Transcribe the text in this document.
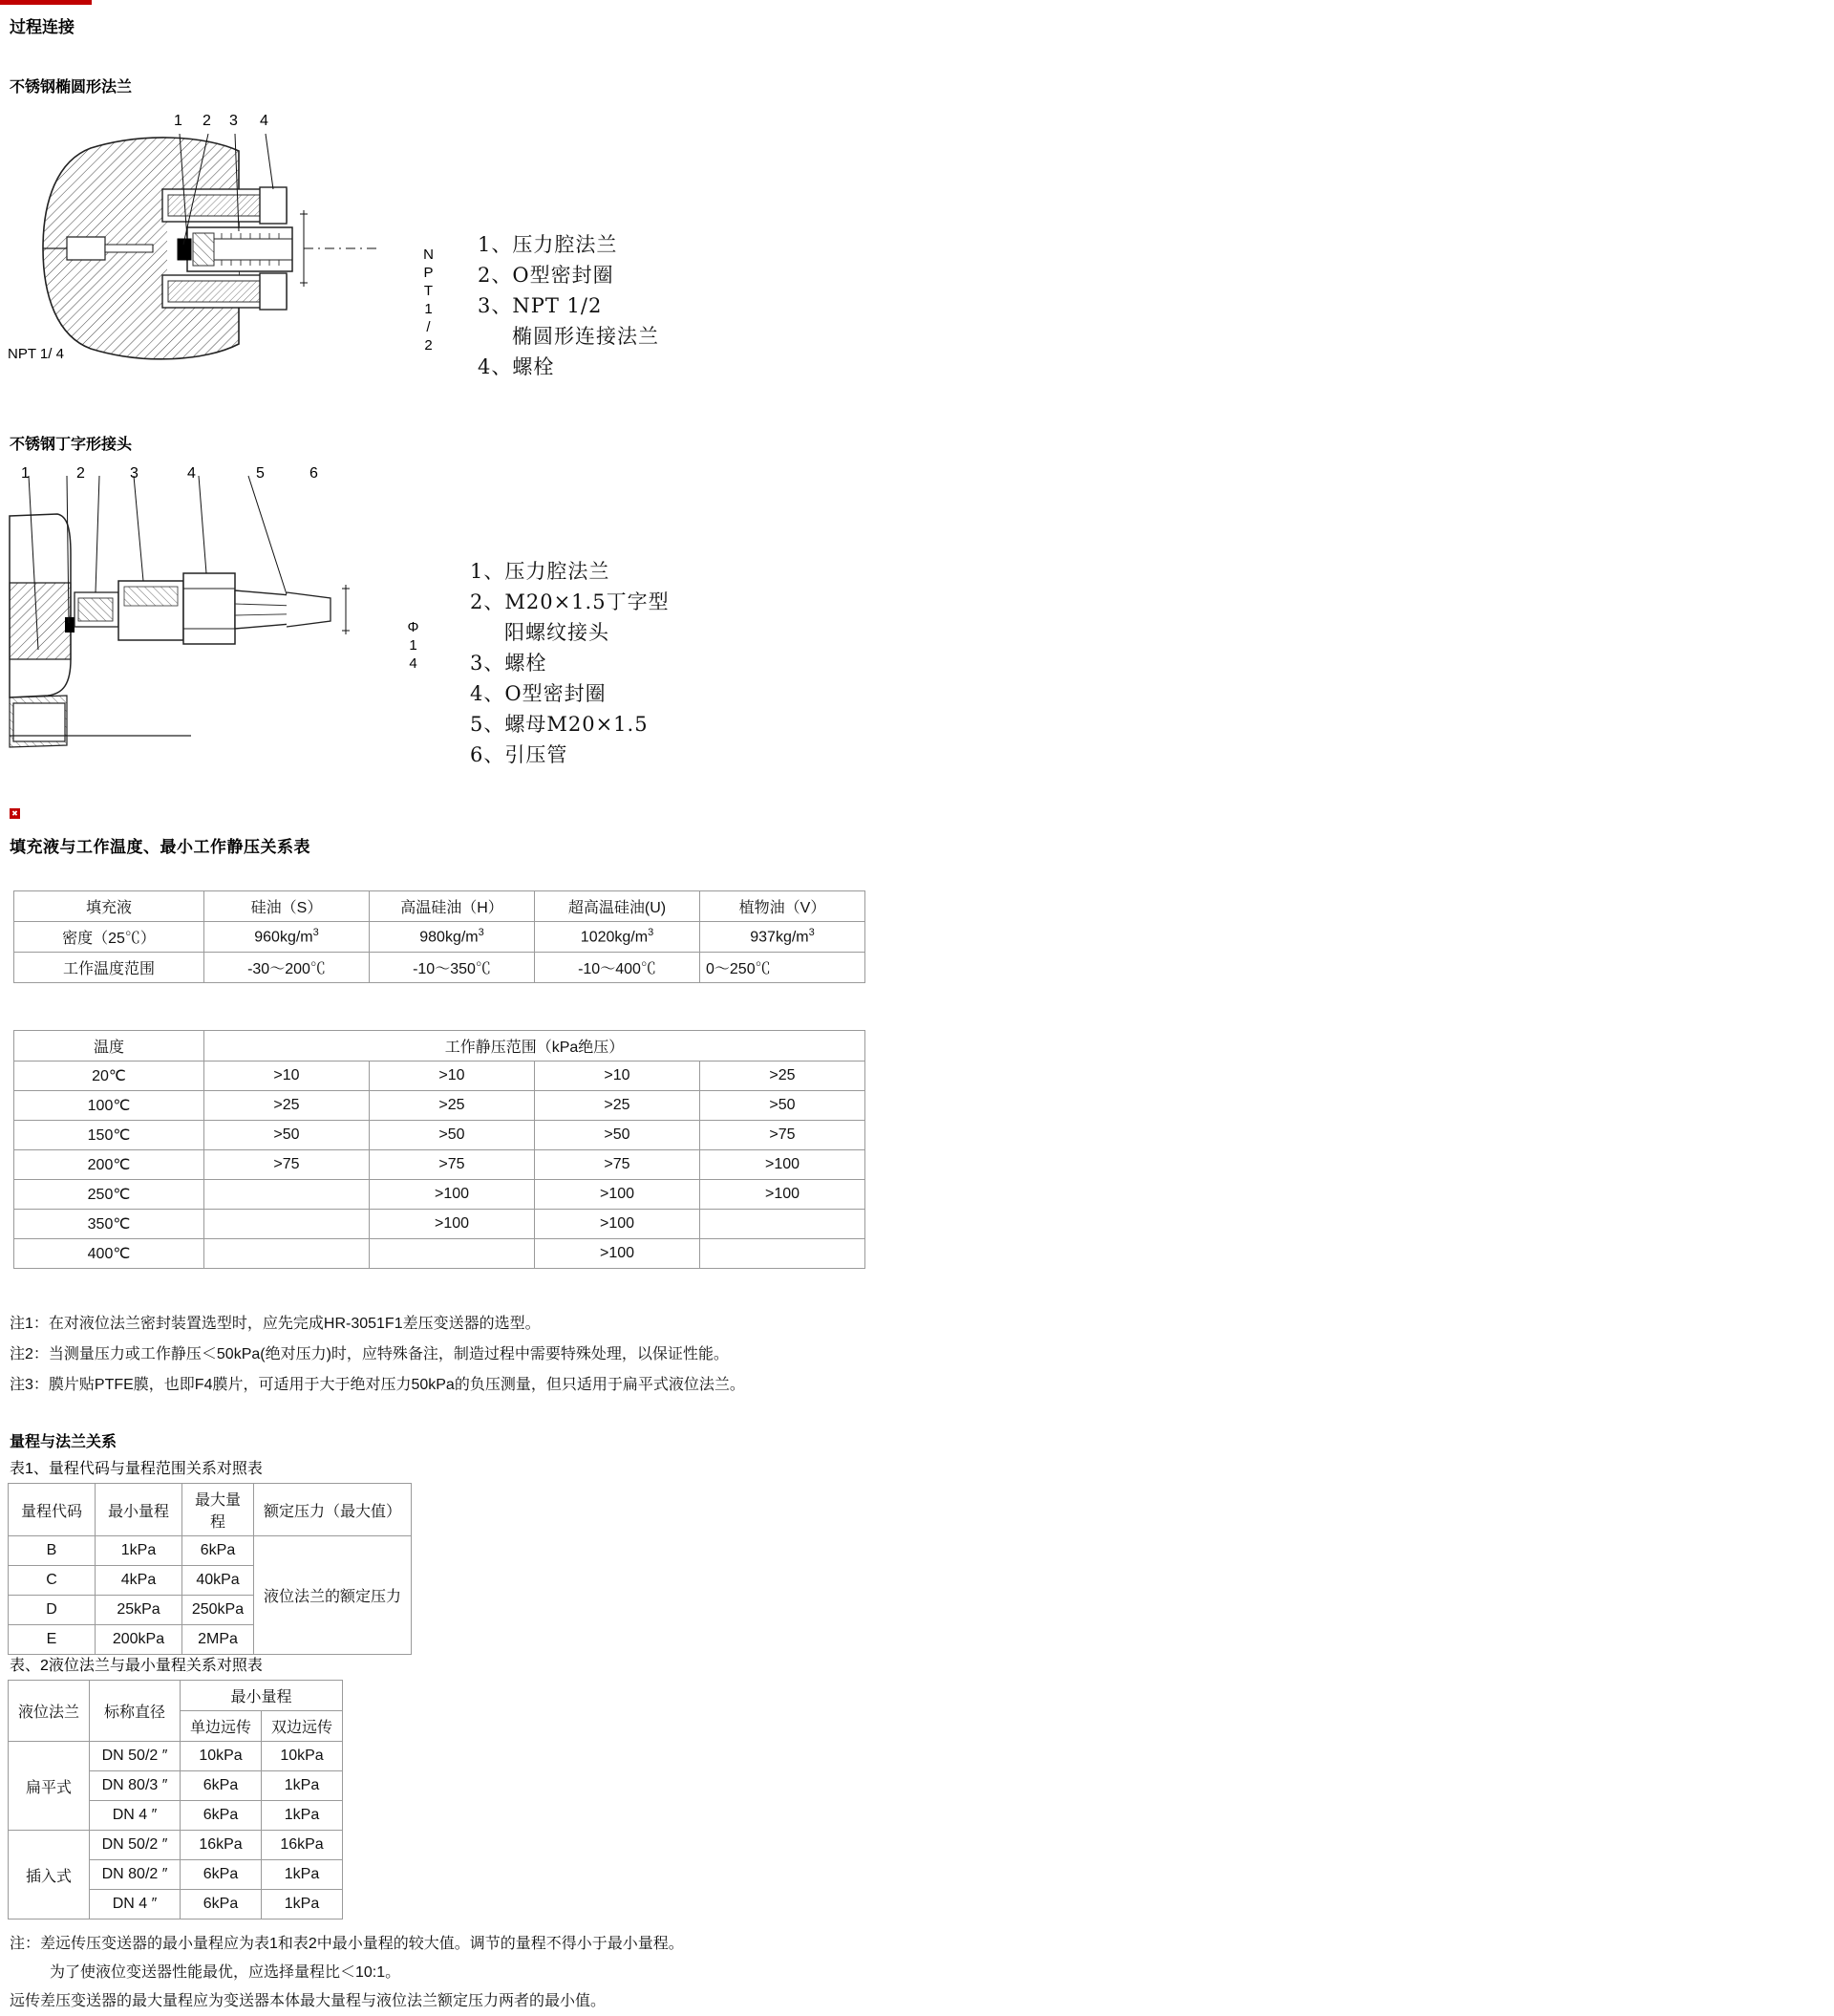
过程连接
不锈钢椭圆形法兰
1 2 3 4
NPT1/2
NPT 1/ 4
1、压力腔法兰
2、O型密封圈
3、NPT 1/2

椭圆形连接法兰
4、螺栓
不锈钢丁字形接头
1	2	3	4	5	6
Φ14
1、压力腔法兰
2、M20×1.5丁字型

阳螺纹接头
3、螺栓
4、O型密封圈
5、螺母M20×1.5
6、引压管
✖
填充液与工作温度、最小工作静压关系表
填充液	硅油（S）	高温硅油（H）	超高温硅油(U)	植物油（V）
密度（25℃）	$960kg/m^3$	$980kg/m^3$	$1020kg/m^3$	$937kg/m^3$
工作温度范围	-30～200℃	-10～350℃	-10～400℃	0～250℃
温度	工作静压范围（kPa绝压）			
20℃	>10	>10	>10	>25
100℃	>25	>25	>25	>50
150℃	>50	>50	>50	>75
200℃	>75	>75	>75	>100
250℃		>100	>100	>100
350℃		>100	>100	
400℃			>100	
注1：在对液位法兰密封装置选型时，应先完成HR-3051F1差压变送器的选型。
注2：当测量压力或工作静压＜50kPa(绝对压力)时，应特殊备注，制造过程中需要特殊处理，以保证性能。
注3：膜片贴PTFE膜，也即F4膜片，可适用于大于绝对压力50kPa的负压测量，但只适用于扁平式液位法兰。
量程与法兰关系
表1、量程代码与量程范围关系对照表
量程代码	最小量程	最大量程	额定压力（最大值）
B	1kPa	6kPa	液位法兰的额定压力
C	4kPa	40kPa	
D	25kPa	250kPa	
E	200kPa	2MPa	
表、2液位法兰与最小量程关系对照表
液位法兰	标称直径	最小量程	
		单边远传	双边远传
扁平式	DN 50/2 ″	10kPa	10kPa
	DN 80/3 ″	6kPa	1kPa
	DN 4 ″	6kPa	1kPa
插入式	DN 50/2 ″	16kPa	16kPa
	DN 80/2 ″	6kPa	1kPa
	DN 4 ″	6kPa	1kPa
注：差远传压变送器的最小量程应为表1和表2中最小量程的较大值。调节的量程不得小于最小量程。
为了使液位变送器性能最优，应选择量程比＜10:1。
远传差压变送器的最大量程应为变送器本体最大量程与液位法兰额定压力两者的最小值。
